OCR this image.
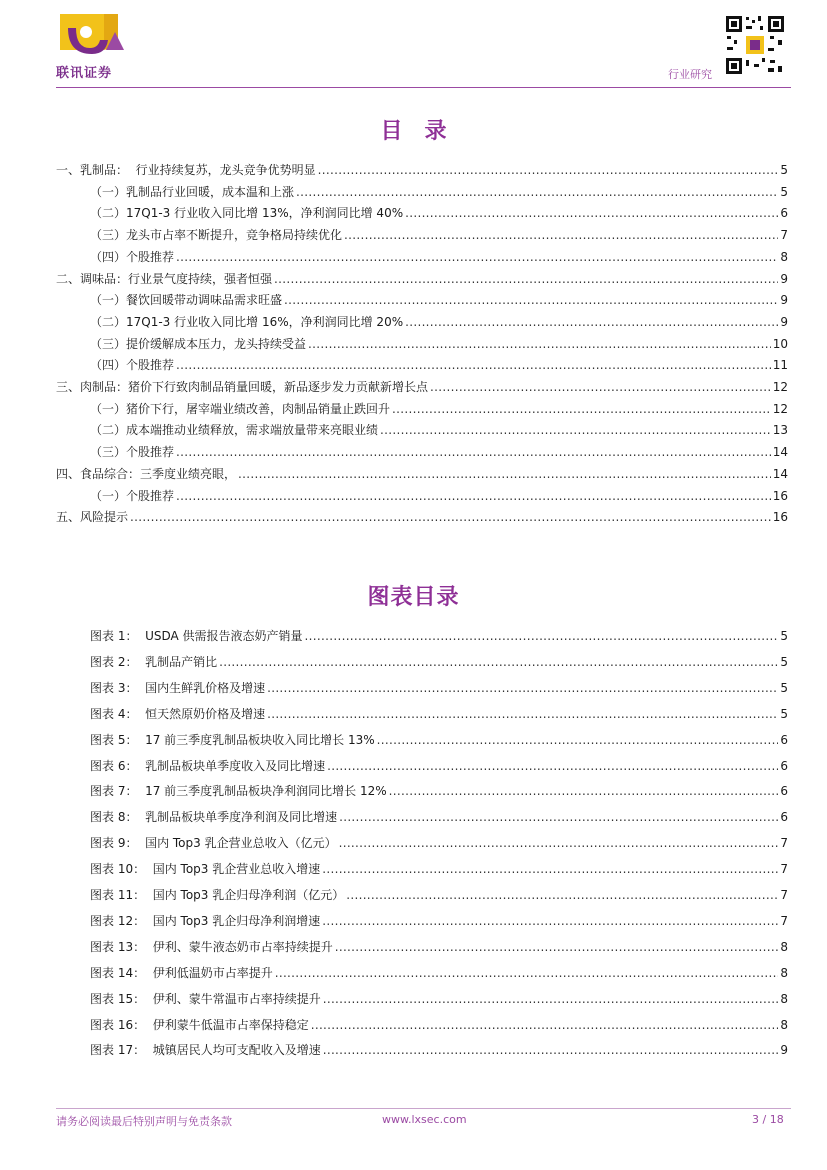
联讯证券	行业研究
目录
一、乳制品：  行业持续复苏，龙头竞争优势明显 .....	5
（一）乳制品行业回暖，成本温和上涨 .....	5
（二）17Q1-3 行业收入同比增 13%，净利润同比增 40% .....	6
（三）龙头市占率不断提升，竞争格局持续优化 .....	7
（四）个股推荐 .....	8
二、调味品：行业景气度持续，强者恒强 .....	9
（一）餐饮回暖带动调味品需求旺盛 .....	9
（二）17Q1-3 行业收入同比增 16%，净利润同比增 20% .....	9
（三）提价缓解成本压力，龙头持续受益 .....	10
（四）个股推荐 .....	11
三、肉制品：猪价下行致肉制品销量回暖，新品逐步发力贡献新增长点 .....	12
（一）猪价下行，屠宰端业绩改善，肉制品销量止跌回升 .....	12
（二）成本端推动业绩释放，需求端放量带来亮眼业绩 .....	13
（三）个股推荐 .....	14
四、食品综合：三季度业绩亮眼， .....	14
（一）个股推荐 .....	16
五、风险提示 .....	16
图表目录
图表 1：  USDA 供需报告液态奶产销量 .....	5
图表 2：  乳制品产销比 .....	5
图表 3：  国内生鲜乳价格及增速 .....	5
图表 4：  恒天然原奶价格及增速 .....	5
图表 5：  17 前三季度乳制品板块收入同比增长 13% .....	6
图表 6：  乳制品板块单季度收入及同比增速 .....	6
图表 7：  17 前三季度乳制品板块净利润同比增长 12% .....	6
图表 8：  乳制品板块单季度净利润及同比增速 .....	6
图表 9：  国内 Top3 乳企营业总收入（亿元） .....	7
图表 10：  国内 Top3 乳企营业总收入增速 .....	7
图表 11：  国内 Top3 乳企归母净利润（亿元） .....	7
图表 12：  国内 Top3 乳企归母净利润增速 .....	7
图表 13：  伊利、蒙牛液态奶市占率持续提升 .....	8
图表 14：  伊利低温奶市占率提升 .....	8
图表 15：  伊利、蒙牛常温市占率持续提升 .....	8
图表 16：  伊利蒙牛低温市占率保持稳定 .....	8
图表 17：  城镇居民人均可支配收入及增速 .....	9
请务必阅读最后特别声明与免责条款	www.lxsec.com	3 / 18
